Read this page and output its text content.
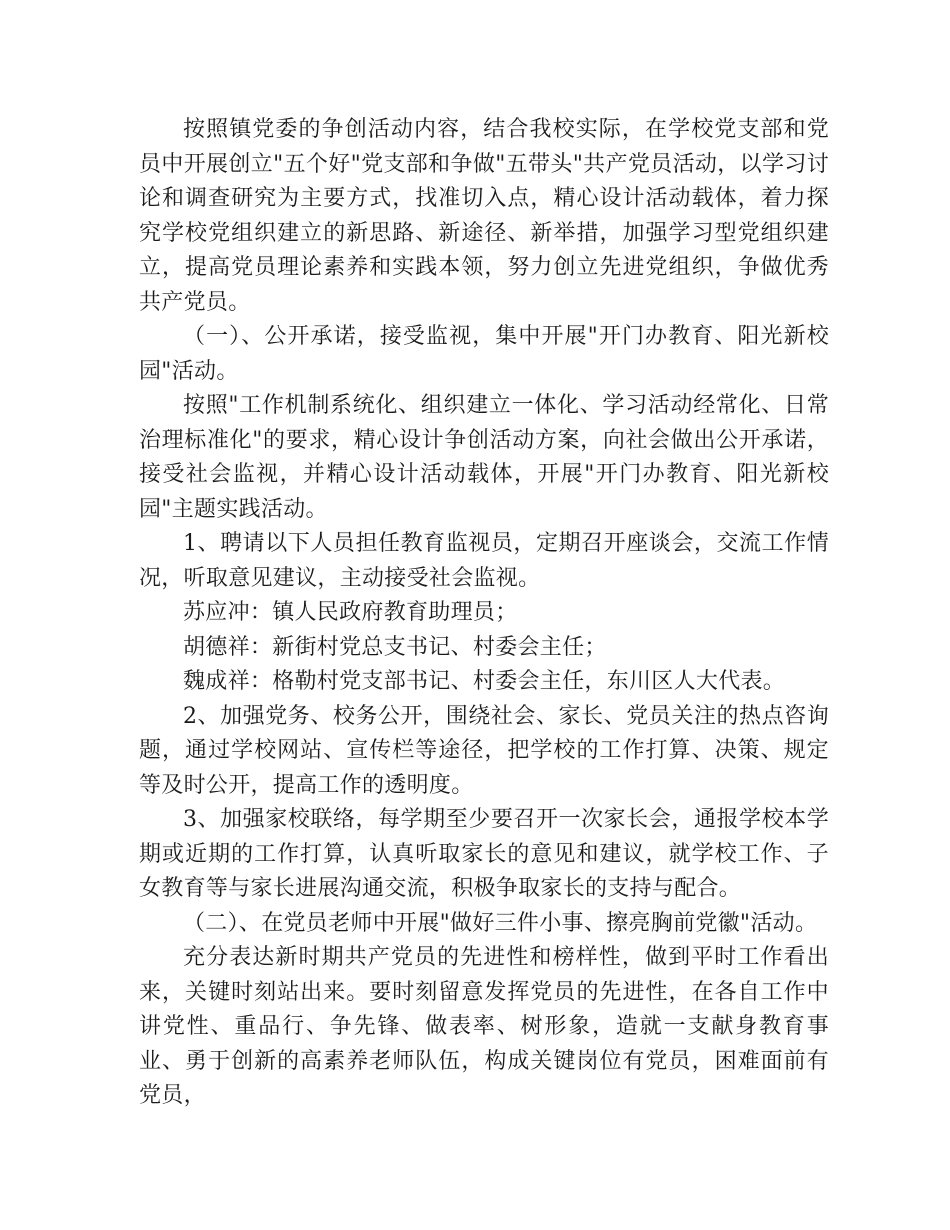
按照镇党委的争创活动内容，结合我校实际，在学校党支部和党员中开展创立"五个好"党支部和争做"五带头"共产党员活动，以学习讨论和调查研究为主要方式，找准切入点，精心设计活动载体，着力探究学校党组织建立的新思路、新途径、新举措，加强学习型党组织建立，提高党员理论素养和实践本领，努力创立先进党组织，争做优秀共产党员。

（一）、公开承诺，接受监视，集中开展"开门办教育、阳光新校园"活动。

按照"工作机制系统化、组织建立一体化、学习活动经常化、日常治理标准化"的要求，精心设计争创活动方案，向社会做出公开承诺，接受社会监视，并精心设计活动载体，开展"开门办教育、阳光新校园"主题实践活动。

1、聘请以下人员担任教育监视员，定期召开座谈会，交流工作情况，听取意见建议，主动接受社会监视。

苏应冲：镇人民政府教育助理员；

胡德祥：新街村党总支书记、村委会主任；

魏成祥：格勒村党支部书记、村委会主任，东川区人大代表。

2、加强党务、校务公开，围绕社会、家长、党员关注的热点咨询题，通过学校网站、宣传栏等途径，把学校的工作打算、决策、规定等及时公开，提高工作的透明度。

3、加强家校联络，每学期至少要召开一次家长会，通报学校本学期或近期的工作打算，认真听取家长的意见和建议，就学校工作、子女教育等与家长进展沟通交流，积极争取家长的支持与配合。

（二）、在党员老师中开展"做好三件小事、擦亮胸前党徽"活动。

充分表达新时期共产党员的先进性和榜样性，做到平时工作看出来，关键时刻站出来。要时刻留意发挥党员的先进性，在各自工作中讲党性、重品行、争先锋、做表率、树形象，造就一支献身教育事业、勇于创新的高素养老师队伍，构成关键岗位有党员，困难面前有党员，
